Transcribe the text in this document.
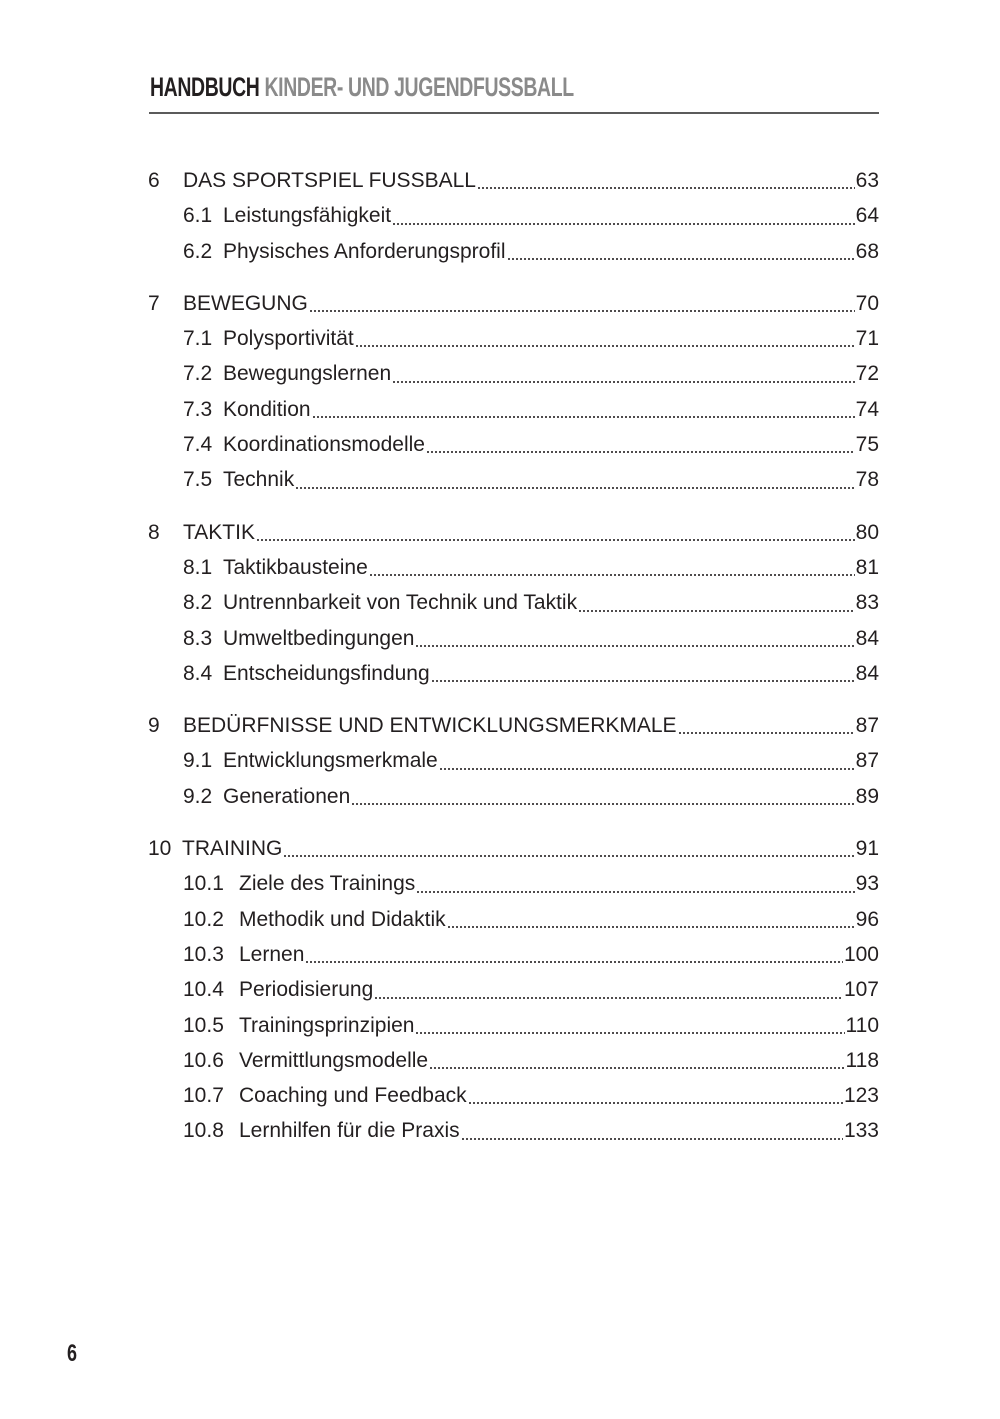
HANDBUCH KINDER- UND JUGENDFUSSBALL
6	DAS SPORTSPIEL FUSSBALL	63
6.1 Leistungsfähigkeit	64
6.2 Physisches Anforderungsprofil	68
7	BEWEGUNG	70
7.1 Polysportivität	71
7.2 Bewegungslernen	72
7.3 Kondition	74
7.4 Koordinationsmodelle	75
7.5 Technik	78
8	TAKTIK	80
8.1 Taktikbausteine	81
8.2 Untrennbarkeit von Technik und Taktik	83
8.3 Umweltbedingungen	84
8.4 Entscheidungsfindung	84
9	BEDÜRFNISSE UND ENTWICKLUNGSMERKMALE	87
9.1 Entwicklungsmerkmale	87
9.2 Generationen	89
10 TRAINING	91
10.1 Ziele des Trainings	93
10.2 Methodik und Didaktik	96
10.3 Lernen	100
10.4 Periodisierung	107
10.5 Trainingsprinzipien	110
10.6 Vermittlungsmodelle	118
10.7 Coaching und Feedback	123
10.8 Lernhilfen für die Praxis	133
6
